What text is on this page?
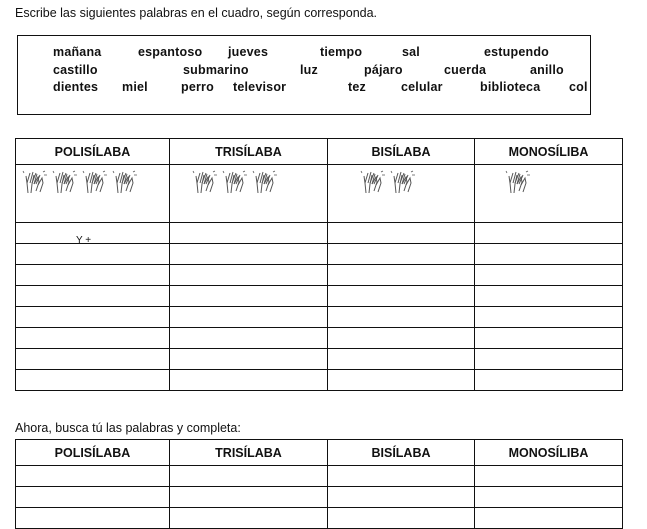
Escribe las siguientes palabras en el cuadro, según corresponda.
mañana	espantoso jueves	tiempo	sal	estupendo
castillo	submarino	luz	pájaro	cuerda	anillo
dientes miel	perro televisor	tez	celular	biblioteca col
POLISÍLABA	TRISÍLABA	BISÍLABA	MONOSÍLIBA

Y +

Ahora, busca tú las palabras y completa:
POLISÍLABA	TRISÍLABA	BISÍLABA	MONOSÍLIBA
